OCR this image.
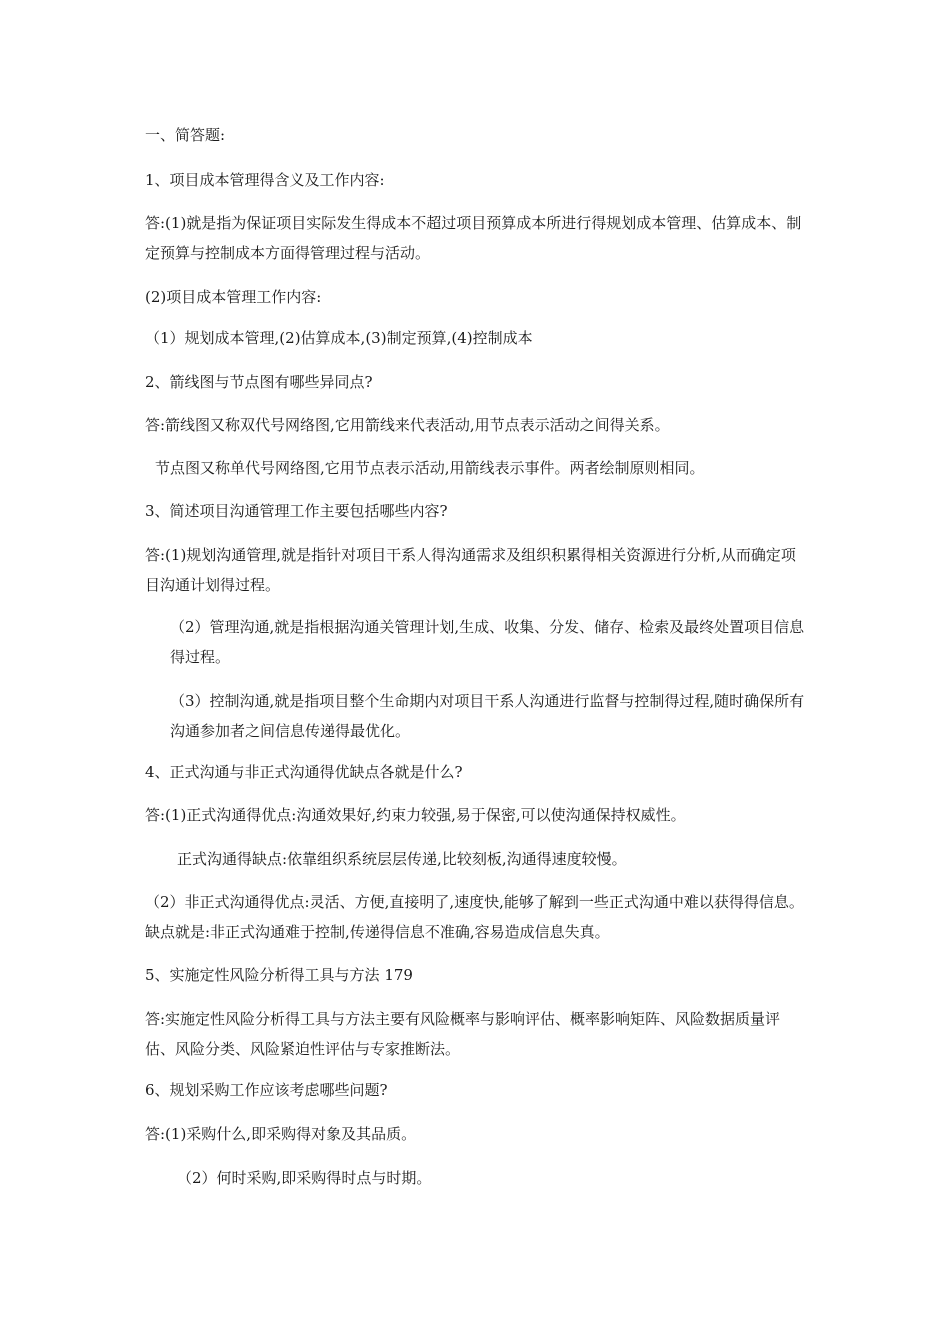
一、简答题:

1、项目成本管理得含义及工作内容:

答:(1)就是指为保证项目实际发生得成本不超过项目预算成本所进行得规划成本管理、估算成本、制定预算与控制成本方面得管理过程与活动。

(2)项目成本管理工作内容:

（1）规划成本管理,(2)估算成本,(3)制定预算,(4)控制成本

2、箭线图与节点图有哪些异同点?

答:箭线图又称双代号网络图,它用箭线来代表活动,用节点表示活动之间得关系。

节点图又称单代号网络图,它用节点表示活动,用箭线表示事件。两者绘制原则相同。

3、简述项目沟通管理工作主要包括哪些内容?

答:(1)规划沟通管理,就是指针对项目干系人得沟通需求及组织积累得相关资源进行分析,从而确定项目沟通计划得过程。

（2）管理沟通,就是指根据沟通关管理计划,生成、收集、分发、储存、检索及最终处置项目信息得过程。

（3）控制沟通,就是指项目整个生命期内对项目干系人沟通进行监督与控制得过程,随时确保所有沟通参加者之间信息传递得最优化。

4、正式沟通与非正式沟通得优缺点各就是什么?

答:(1)正式沟通得优点:沟通效果好,约束力较强,易于保密,可以使沟通保持权威性。

正式沟通得缺点:依靠组织系统层层传递,比较刻板,沟通得速度较慢。

（2）非正式沟通得优点:灵活、方便,直接明了,速度快,能够了解到一些正式沟通中难以获得得信息。缺点就是:非正式沟通难于控制,传递得信息不准确,容易造成信息失真。

5、实施定性风险分析得工具与方法 179

答:实施定性风险分析得工具与方法主要有风险概率与影响评估、概率影响矩阵、风险数据质量评估、风险分类、风险紧迫性评估与专家推断法。

6、规划采购工作应该考虑哪些问题?

答:(1)采购什么,即采购得对象及其品质。

（2）何时采购,即采购得时点与时期。
